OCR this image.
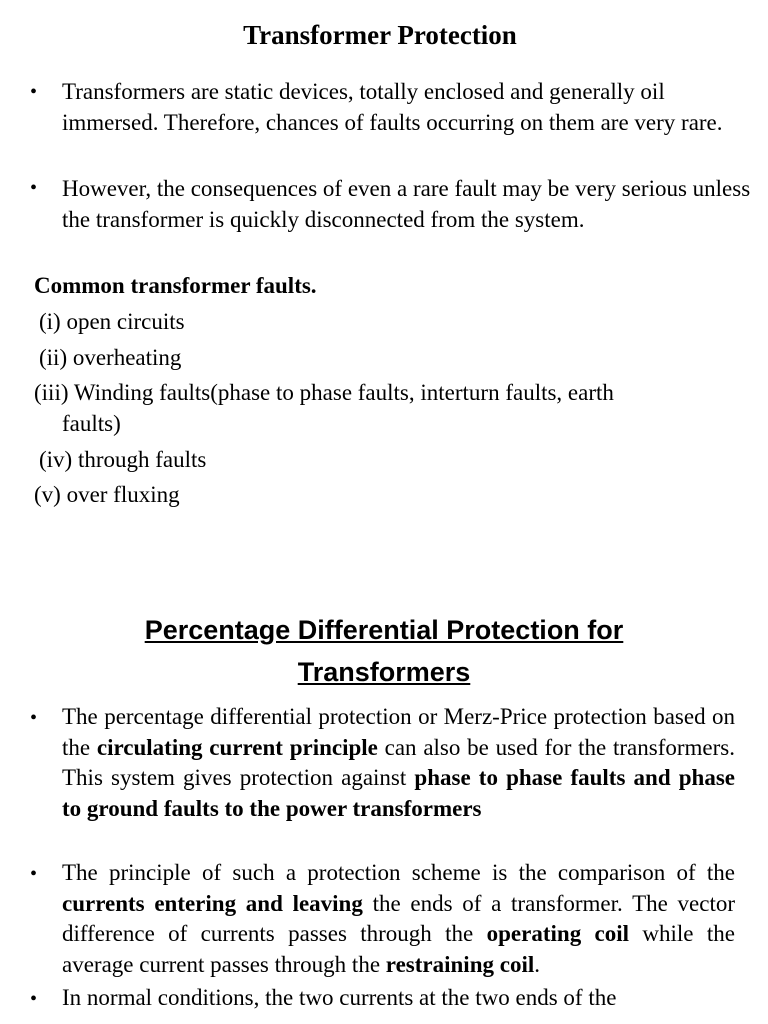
Transformer Protection
• Transformers are static devices, totally enclosed and generally oil immersed. Therefore, chances of faults occurring on them are very rare.
• However, the consequences of even a rare fault may be very serious unless the transformer is quickly disconnected from the system.
Common transformer faults.
(i) open circuits
(ii) overheating
(iii) Winding faults(phase to phase faults, interturn faults, earth
faults)
(iv) through faults
(v) over fluxing
Percentage Differential Protection for
Transformers
• The percentage differential protection or Merz-Price protection based on the circulating current principle can also be used for the transformers. This system gives protection against phase to phase faults and phase to ground faults to the power transformers
• The principle of such a protection scheme is the comparison of the currents entering and leaving the ends of a transformer. The vector difference of currents passes through the operating coil while the average current passes through the restraining coil.
• In normal conditions, the two currents at the two ends of the
